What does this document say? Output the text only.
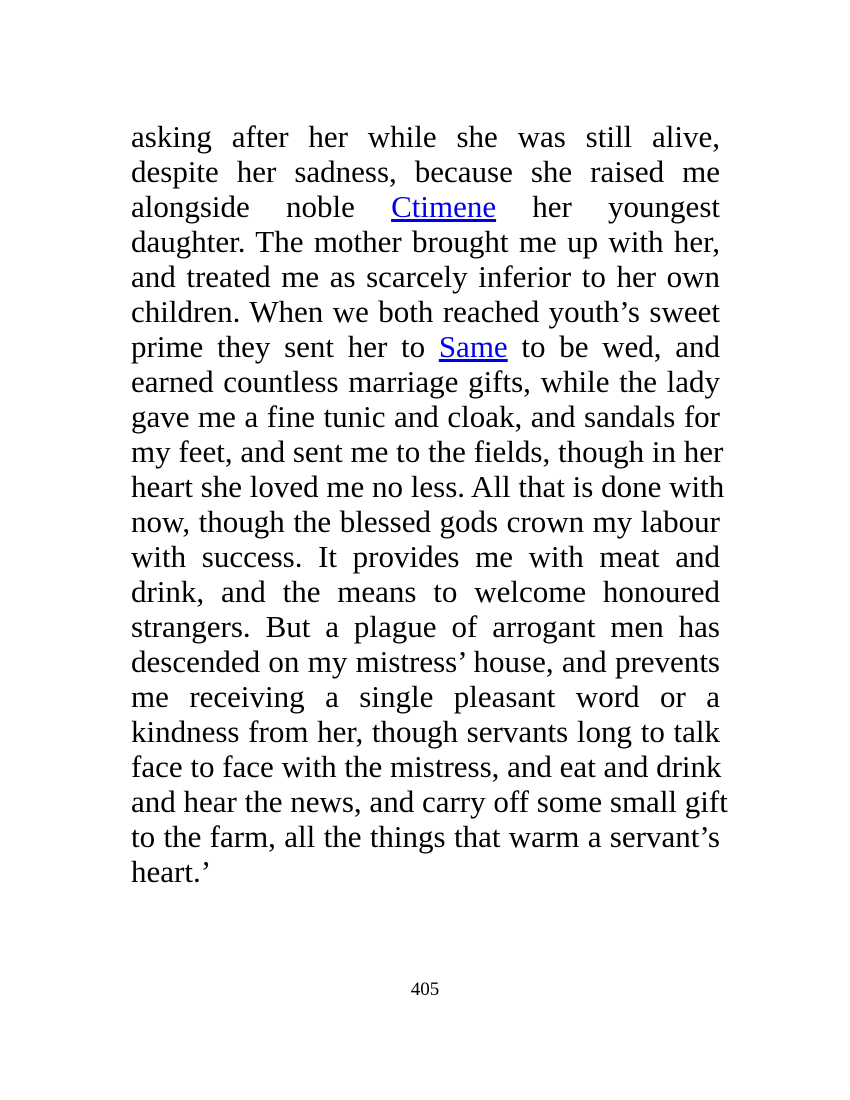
asking after her while she was still alive,
despite her sadness, because she raised me
alongside noble Ctimene her youngest
daughter. The mother brought me up with her,
and treated me as scarcely inferior to her own
children. When we both reached youth’s sweet
prime they sent her to Same to be wed, and
earned countless marriage gifts, while the lady
gave me a fine tunic and cloak, and sandals for
my feet, and sent me to the fields, though in her
heart she loved me no less. All that is done with
now, though the blessed gods crown my labour
with success. It provides me with meat and
drink, and the means to welcome honoured
strangers. But a plague of arrogant men has
descended on my mistress’ house, and prevents
me receiving a single pleasant word or a
kindness from her, though servants long to talk
face to face with the mistress, and eat and drink
and hear the news, and carry off some small gift
to the farm, all the things that warm a servant’s
heart.’
405
